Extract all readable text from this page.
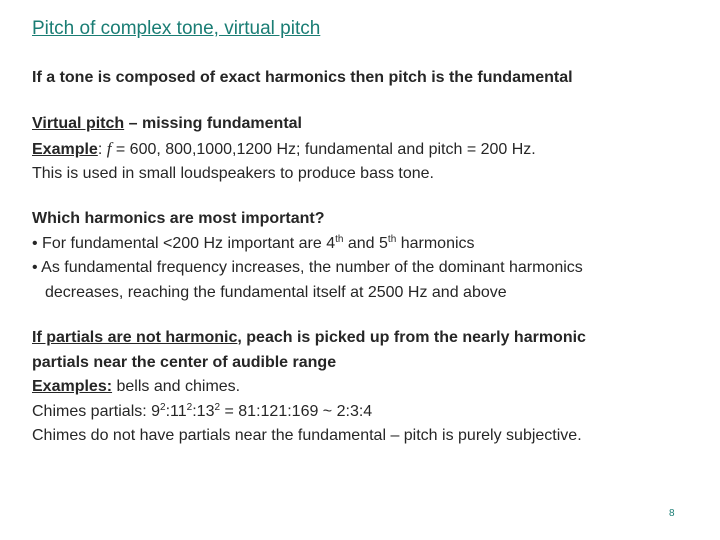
Pitch of complex tone, virtual pitch
If a tone is composed of exact harmonics then pitch is the fundamental
Virtual pitch – missing fundamental
Example: f = 600, 800,1000,1200 Hz; fundamental and pitch = 200 Hz.
This is used in small loudspeakers to produce bass tone.
Which harmonics are most important?
• For fundamental <200 Hz important are 4th and 5th harmonics
• As fundamental frequency increases, the number of the dominant harmonics
decreases, reaching the fundamental itself at 2500 Hz and above
If partials are not harmonic, peach is picked up from the nearly harmonic
partials near the center of audible range
Examples: bells and chimes.
Chimes partials: $9^2:11^2:13^2$ = 81:121:169 ~ 2:3:4
Chimes do not have partials near the fundamental – pitch is purely subjective.
8
